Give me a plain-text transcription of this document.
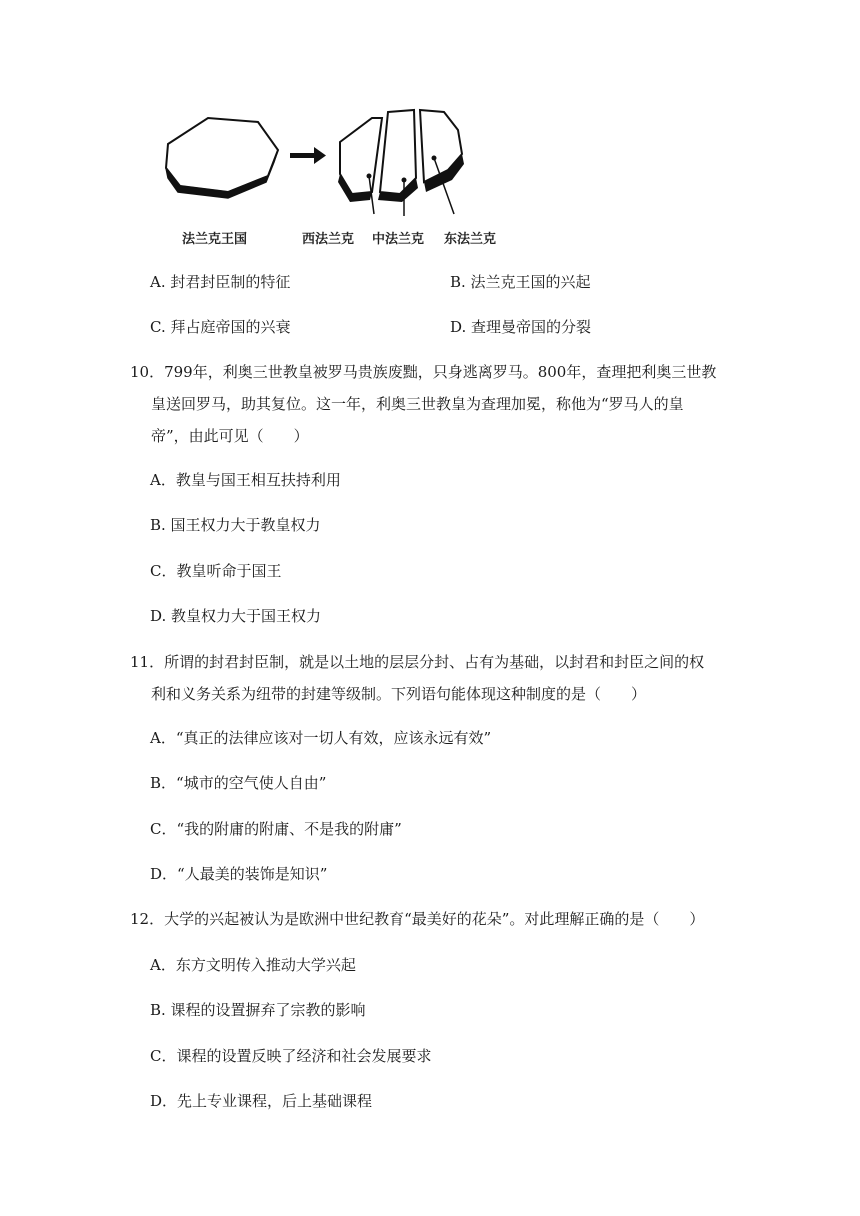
法兰克王国	西法兰克 中法兰克 东法兰克
A. 封君封臣制的特征	B. 法兰克王国的兴起
C. 拜占庭帝国的兴衰	D. 查理曼帝国的分裂
10．799年，利奥三世教皇被罗马贵族废黜，只身逃离罗马。800年，查理把利奥三世教
皇送回罗马，助其复位。这一年，利奥三世教皇为查理加冕，称他为“罗马人的皇
帝”，由此可见（　　）
A．教皇与国王相互扶持利用
B. 国王权力大于教皇权力
C．教皇听命于国王
D. 教皇权力大于国王权力
11．所谓的封君封臣制，就是以土地的层层分封、占有为基础，以封君和封臣之间的权
利和义务关系为纽带的封建等级制。下列语句能体现这种制度的是（　　）
A．“真正的法律应该对一切人有效，应该永远有效”
B．“城市的空气使人自由”
C．“我的附庸的附庸、不是我的附庸”
D．“人最美的装饰是知识”
12．大学的兴起被认为是欧洲中世纪教育“最美好的花朵”。对此理解正确的是（　　）
A．东方文明传入推动大学兴起
B. 课程的设置摒弃了宗教的影响
C．课程的设置反映了经济和社会发展要求
D．先上专业课程，后上基础课程
